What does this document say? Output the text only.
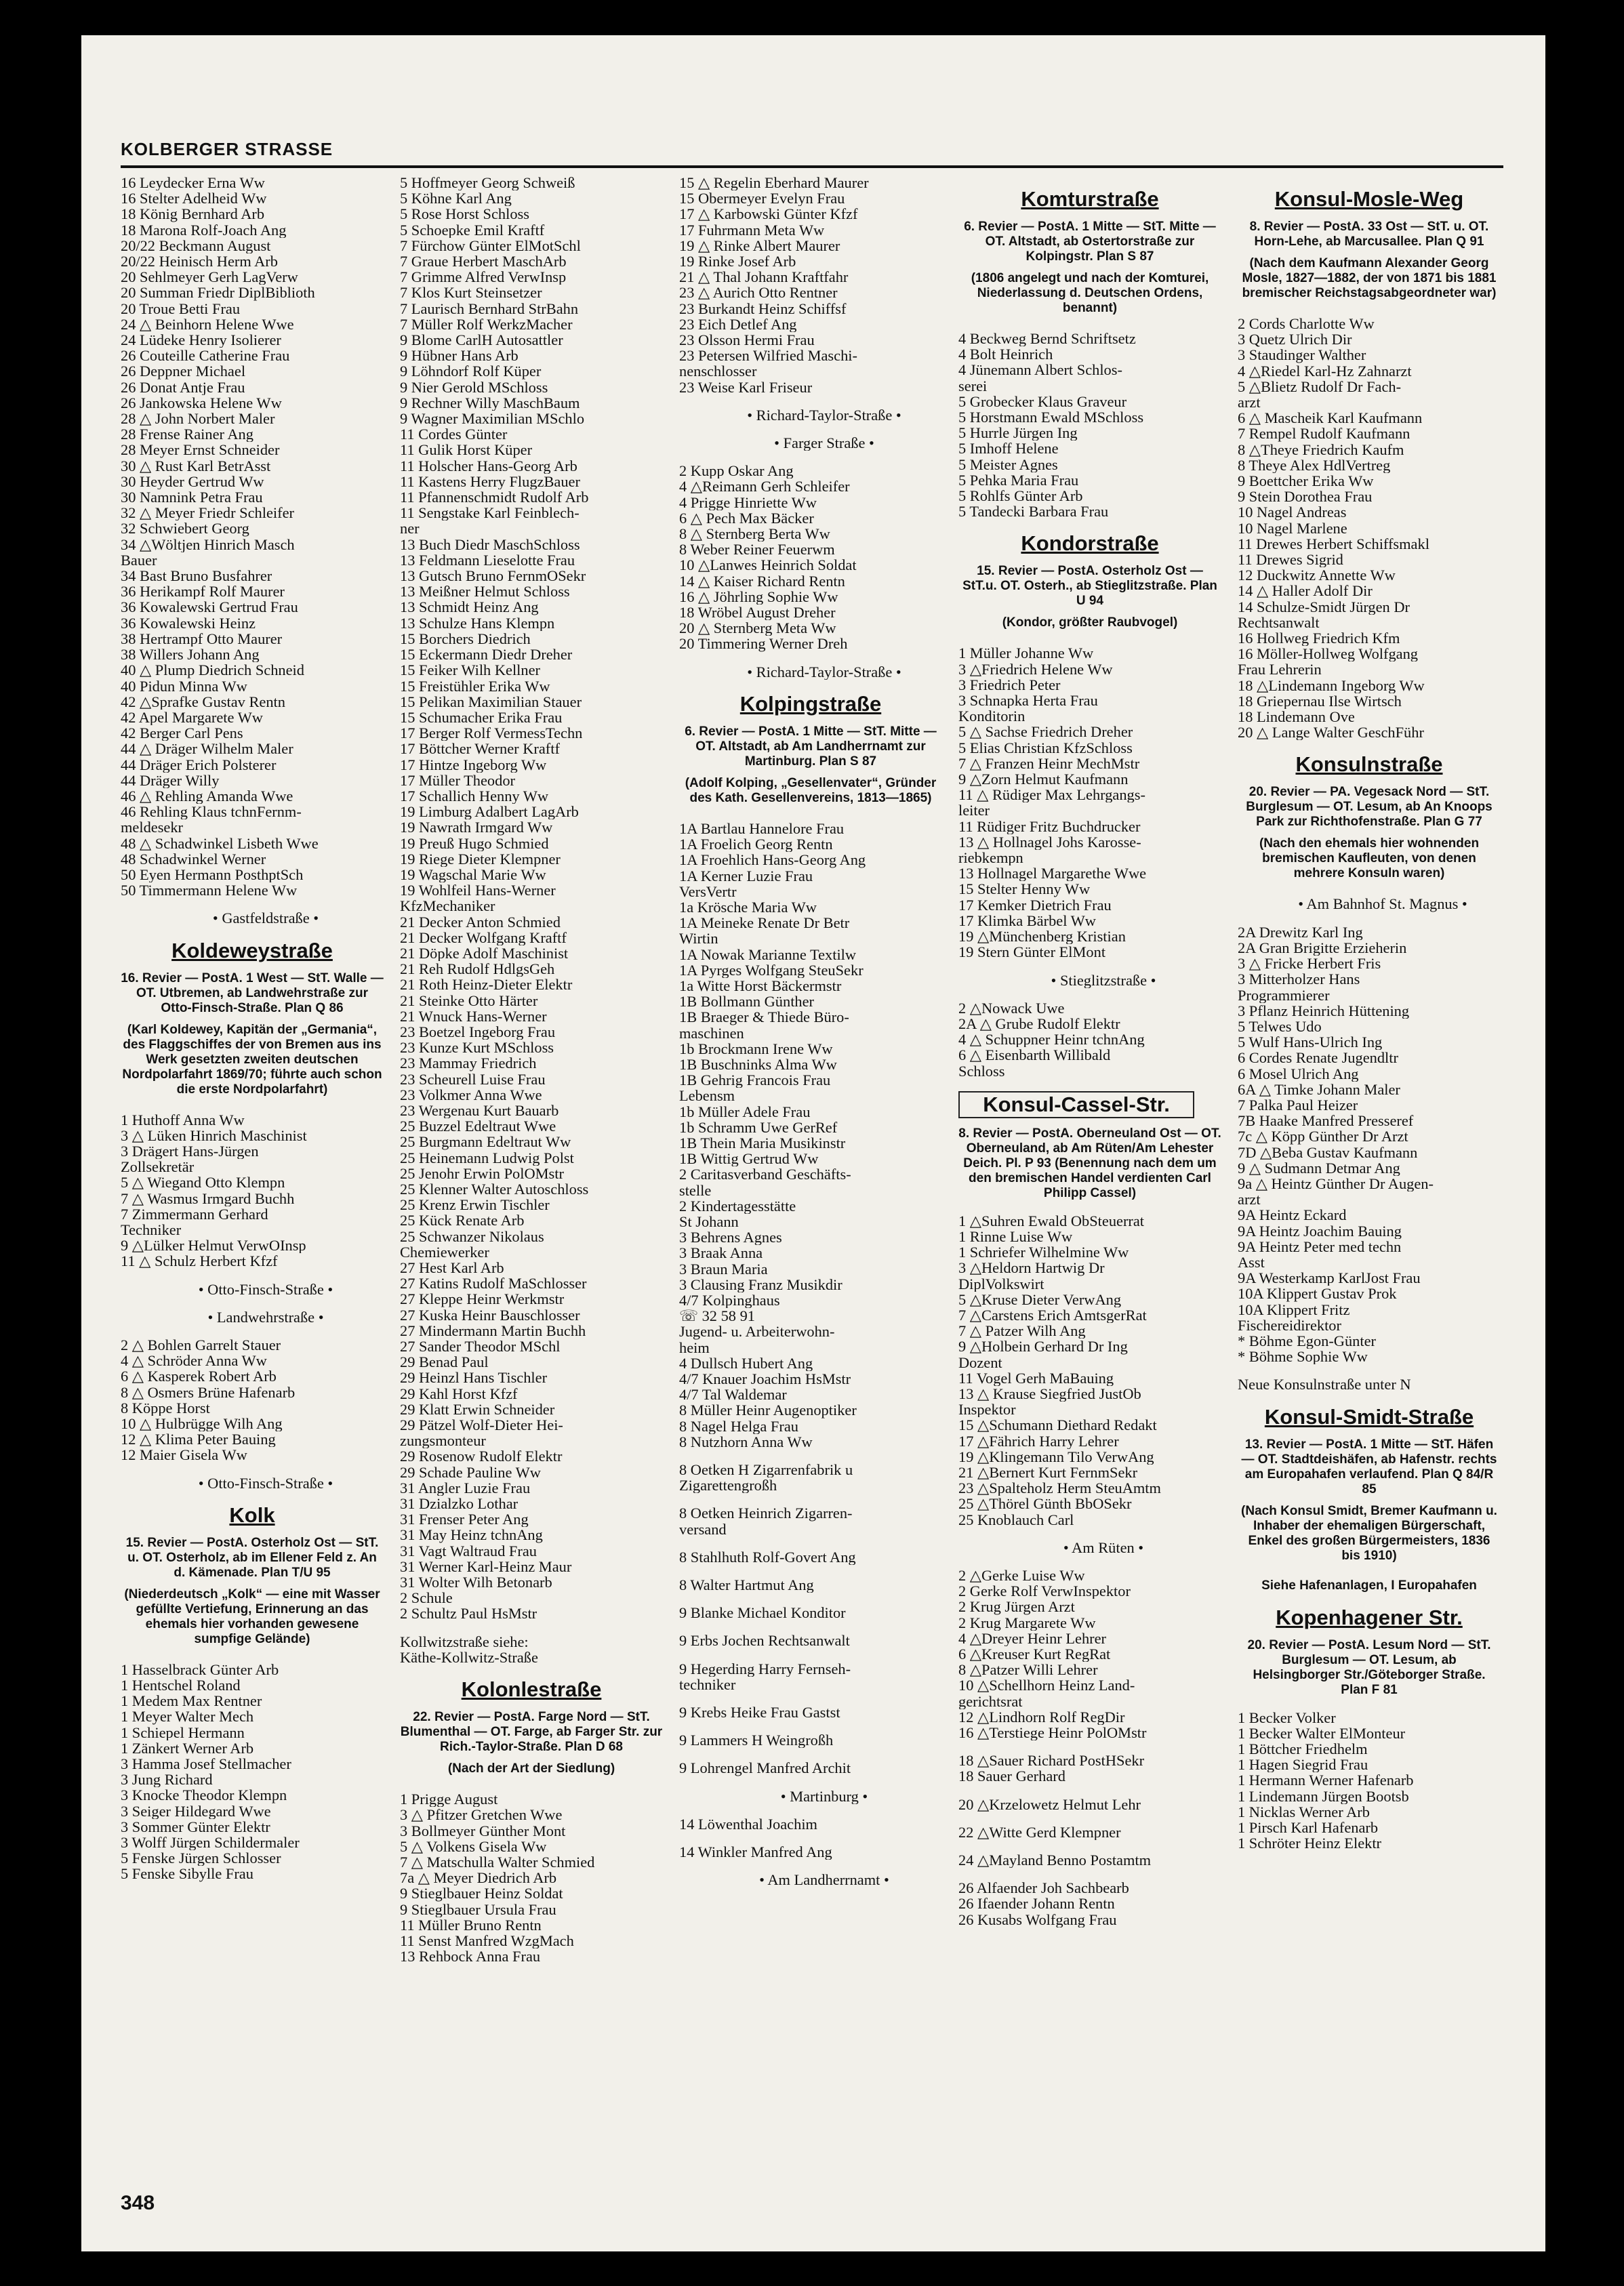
KOLBERGER STRASSE
16 Leydecker Erna Ww
16 Stelter Adelheid Ww
18 König Bernhard Arb
18 Marona Rolf-Joach Ang
20/22 Beckmann August
20/22 Heinisch Herm Arb
20 Sehlmeyer Gerh LagVerw
20 Summan Friedr DiplBiblioth
20 Troue Betti Frau
24 △ Beinhorn Helene Wwe
24 Lüdeke Henry Isolierer
26 Couteille Catherine Frau
26 Deppner Michael
26 Donat Antje Frau
26 Jankowska Helene Ww
28 △ John Norbert Maler
28 Frense Rainer Ang
28 Meyer Ernst Schneider
30 △ Rust Karl BetrAsst
30 Heyder Gertrud Ww
30 Namnink Petra Frau
32 △ Meyer Friedr Schleifer
32 Schwiebert Georg
34 △Wöltjen Hinrich Masch
Bauer
34 Bast Bruno Busfahrer
36 Herikampf Rolf Maurer
36 Kowalewski Gertrud Frau
36 Kowalewski Heinz
38 Hertrampf Otto Maurer
38 Willers Johann Ang
40 △ Plump Diedrich Schneid
40 Pidun Minna Ww
42 △Sprafke Gustav Rentn
42 Apel Margarete Ww
42 Berger Carl Pens
44 △ Dräger Wilhelm Maler
44 Dräger Erich Polsterer
44 Dräger Willy
46 △ Rehling Amanda Wwe
46 Rehling Klaus tchnFernm-
meldesekr
48 △ Schadwinkel Lisbeth Wwe
48 Schadwinkel Werner
50 Eyen Hermann PosthptSch
50 Timmermann Helene Ww
• Gastfeldstraße •
Koldeweystraße
16. Revier — PostA. 1 West — StT. Walle — OT. Utbremen, ab Landwehrstraße zur Otto-Finsch-Straße. Plan Q 86
(Karl Koldewey, Kapitän der „Germania“, des Flaggschiffes der von Bremen aus ins Werk gesetzten zweiten deutschen Nordpolarfahrt 1869/70; führte auch schon die erste Nordpolarfahrt)
1 Huthoff Anna Ww
3 △ Lüken Hinrich Maschinist
3 Drägert Hans-Jürgen
Zollsekretär
5 △ Wiegand Otto Klempn
7 △ Wasmus Irmgard Buchh
7 Zimmermann Gerhard
Techniker
9 △Lülker Helmut VerwOInsp
11 △ Schulz Herbert Kfzf
• Otto-Finsch-Straße •
• Landwehrstraße •
2 △ Bohlen Garrelt Stauer
4 △ Schröder Anna Ww
6 △ Kasperek Robert Arb
8 △ Osmers Brüne Hafenarb
8 Köppe Horst
10 △ Hulbrügge Wilh Ang
12 △ Klima Peter Bauing
12 Maier Gisela Ww
• Otto-Finsch-Straße •
Kolk
15. Revier — PostA. Osterholz Ost — StT. u. OT. Osterholz, ab im Ellener Feld z. An d. Kämenade. Plan T/U 95
(Niederdeutsch „Kolk“ — eine mit Wasser gefüllte Vertiefung, Erinnerung an das ehemals hier vorhanden gewesene sumpfige Gelände)
1 Hasselbrack Günter Arb
1 Hentschel Roland
1 Medem Max Rentner
1 Meyer Walter Mech
1 Schiepel Hermann
1 Zänkert Werner Arb
3 Hamma Josef Stellmacher
3 Jung Richard
3 Knocke Theodor Klempn
3 Seiger Hildegard Wwe
3 Sommer Günter Elektr
3 Wolff Jürgen Schildermaler
5 Fenske Jürgen Schlosser
5 Fenske Sibylle Frau
5 Hoffmeyer Georg Schweiß
5 Köhne Karl Ang
5 Rose Horst Schloss
5 Schoepke Emil Kraftf
7 Fürchow Günter ElMotSchl
7 Graue Herbert MaschArb
7 Grimme Alfred VerwInsp
7 Klos Kurt Steinsetzer
7 Laurisch Bernhard StrBahn
7 Müller Rolf WerkzMacher
9 Blome CarlH Autosattler
9 Hübner Hans Arb
9 Löhndorf Rolf Küper
9 Nier Gerold MSchloss
9 Rechner Willy MaschBaum
9 Wagner Maximilian MSchlo
11 Cordes Günter
11 Gulik Horst Küper
11 Holscher Hans-Georg Arb
11 Kastens Herry FlugzBauer
11 Pfannenschmidt Rudolf Arb
11 Sengstake Karl Feinblech-
ner
13 Buch Diedr MaschSchloss
13 Feldmann Lieselotte Frau
13 Gutsch Bruno FernmOSekr
13 Meißner Helmut Schloss
13 Schmidt Heinz Ang
13 Schulze Hans Klempn
15 Borchers Diedrich
15 Eckermann Diedr Dreher
15 Feiker Wilh Kellner
15 Freistühler Erika Ww
15 Pelikan Maximilian Stauer
15 Schumacher Erika Frau
17 Berger Rolf VermessTechn
17 Böttcher Werner Kraftf
17 Hintze Ingeborg Ww
17 Müller Theodor
17 Schallich Henny Ww
19 Limburg Adalbert LagArb
19 Nawrath Irmgard Ww
19 Preuß Hugo Schmied
19 Riege Dieter Klempner
19 Wagschal Marie Ww
19 Wohlfeil Hans-Werner
KfzMechaniker
21 Decker Anton Schmied
21 Decker Wolfgang Kraftf
21 Döpke Adolf Maschinist
21 Reh Rudolf HdlgsGeh
21 Roth Heinz-Dieter Elektr
21 Steinke Otto Härter
21 Wnuck Hans-Werner
23 Boetzel Ingeborg Frau
23 Kunze Kurt MSchloss
23 Mammay Friedrich
23 Scheurell Luise Frau
23 Volkmer Anna Wwe
23 Wergenau Kurt Bauarb
25 Buzzel Edeltraut Wwe
25 Burgmann Edeltraut Ww
25 Heinemann Ludwig Polst
25 Jenohr Erwin PolOMstr
25 Klenner Walter Autoschloss
25 Krenz Erwin Tischler
25 Kück Renate Arb
25 Schwanzer Nikolaus
Chemiewerker
27 Hest Karl Arb
27 Katins Rudolf MaSchlosser
27 Kleppe Heinr Werkmstr
27 Kuska Heinr Bauschlosser
27 Mindermann Martin Buchh
27 Sander Theodor MSchl
29 Benad Paul
29 Heinzl Hans Tischler
29 Kahl Horst Kfzf
29 Klatt Erwin Schneider
29 Pätzel Wolf-Dieter Hei-
zungsmonteur
29 Rosenow Rudolf Elektr
29 Schade Pauline Ww
31 Angler Luzie Frau
31 Dzialzko Lothar
31 Frenser Peter Ang
31 May Heinz tchnAng
31 Vagt Waltraud Frau
31 Werner Karl-Heinz Maur
31 Wolter Wilh Betonarb
2 Schule
2 Schultz Paul HsMstr
Kollwitzstraße siehe:
Käthe-Kollwitz-Straße
Kolonlestraße
22. Revier — PostA. Farge Nord — StT. Blumenthal — OT. Farge, ab Farger Str. zur Rich.-Taylor-Straße. Plan D 68
(Nach der Art der Siedlung)
1 Prigge August
3 △ Pfitzer Gretchen Wwe
3 Bollmeyer Günther Mont
5 △ Volkens Gisela Ww
7 △ Matschulla Walter Schmied
7a △ Meyer Diedrich Arb
9 Stieglbauer Heinz Soldat
9 Stieglbauer Ursula Frau
11 Müller Bruno Rentn
11 Senst Manfred WzgMach
13 Rehbock Anna Frau
15 △ Regelin Eberhard Maurer
15 Obermeyer Evelyn Frau
17 △ Karbowski Günter Kfzf
17 Fuhrmann Meta Ww
19 △ Rinke Albert Maurer
19 Rinke Josef Arb
21 △ Thal Johann Kraftfahr
23 △ Aurich Otto Rentner
23 Burkandt Heinz Schiffsf
23 Eich Detlef Ang
23 Olsson Hermi Frau
23 Petersen Wilfried Maschi-
nenschlosser
23 Weise Karl Friseur
• Richard-Taylor-Straße •
• Farger Straße •
2 Kupp Oskar Ang
4 △Reimann Gerh Schleifer
4 Prigge Hinriette Ww
6 △ Pech Max Bäcker
8 △ Sternberg Berta Ww
8 Weber Reiner Feuerwm
10 △Lanwes Heinrich Soldat
14 △ Kaiser Richard Rentn
16 △ Jöhrling Sophie Ww
18 Wröbel August Dreher
20 △ Sternberg Meta Ww
20 Timmering Werner Dreh
• Richard-Taylor-Straße •
Kolpingstraße
6. Revier — PostA. 1 Mitte — StT. Mitte — OT. Altstadt, ab Am Landherrnamt zur Martinburg. Plan S 87
(Adolf Kolping, „Gesellenvater“, Gründer des Kath. Gesellenvereins, 1813—1865)
1A Bartlau Hannelore Frau
1A Froelich Georg Rentn
1A Froehlich Hans-Georg Ang
1A Kerner Luzie Frau
VersVertr
1a Krösche Maria Ww
1A Meineke Renate Dr Betr
Wirtin
1A Nowak Marianne Textilw
1A Pyrges Wolfgang SteuSekr
1a Witte Horst Bäckermstr
1B Bollmann Günther
1B Braeger & Thiede Büro-
maschinen
1b Brockmann Irene Ww
1B Buschninks Alma Ww
1B Gehrig Francois Frau
Lebensm
1b Müller Adele Frau
1b Schramm Uwe GerRef
1B Thein Maria Musikinstr
1B Wittig Gertrud Ww
2 Caritasverband Geschäfts-
stelle
2 Kindertagesstätte
St Johann
3 Behrens Agnes
3 Braak Anna
3 Braun Maria
3 Clausing Franz Musikdir
4/7 Kolpinghaus
☏ 32 58 91
Jugend- u. Arbeiterwohn-
heim
4 Dullsch Hubert Ang
4/7 Knauer Joachim HsMstr
4/7 Tal Waldemar
8 Müller Heinr Augenoptiker
8 Nagel Helga Frau
8 Nutzhorn Anna Ww
8 Oetken H Zigarrenfabrik u
Zigarettengroßh
8 Oetken Heinrich Zigarren-
versand
8 Stahlhuth Rolf-Govert Ang
8 Walter Hartmut Ang
9 Blanke Michael Konditor
9 Erbs Jochen Rechtsanwalt
9 Hegerding Harry Fernseh-
techniker
9 Krebs Heike Frau Gastst
9 Lammers H Weingroßh
9 Lohrengel Manfred Archit
• Martinburg •
14 Löwenthal Joachim
14 Winkler Manfred Ang
• Am Landherrnamt •
Komturstraße
6. Revier — PostA. 1 Mitte — StT. Mitte — OT. Altstadt, ab Ostertorstraße zur Kolpingstr. Plan S 87
(1806 angelegt und nach der Komturei, Niederlassung d. Deutschen Ordens, benannt)
4 Beckweg Bernd Schriftsetz
4 Bolt Heinrich
4 Jünemann Albert Schlos-
serei
5 Grobecker Klaus Graveur
5 Horstmann Ewald MSchloss
5 Hurrle Jürgen Ing
5 Imhoff Helene
5 Meister Agnes
5 Pehka Maria Frau
5 Rohlfs Günter Arb
5 Tandecki Barbara Frau
Kondorstraße
15. Revier — PostA. Osterholz Ost — StT.u. OT. Osterh., ab Stieglitzstraße. Plan U 94
(Kondor, größter Raubvogel)
1 Müller Johanne Ww
3 △Friedrich Helene Ww
3 Friedrich Peter
3 Schnapka Herta Frau
Konditorin
5 △ Sachse Friedrich Dreher
5 Elias Christian KfzSchloss
7 △ Franzen Heinr MechMstr
9 △Zorn Helmut Kaufmann
11 △ Rüdiger Max Lehrgangs-
leiter
11 Rüdiger Fritz Buchdrucker
13 △ Hollnagel Johs Karosse-
riebkempn
13 Hollnagel Margarethe Wwe
15 Stelter Henny Ww
17 Kemker Dietrich Frau
17 Klimka Bärbel Ww
19 △Münchenberg Kristian
19 Stern Günter ElMont
• Stieglitzstraße •
2 △Nowack Uwe
2A △ Grube Rudolf Elektr
4 △ Schuppner Heinr tchnAng
6 △ Eisenbarth Willibald
Schloss
Konsul-Cassel-Str.
8. Revier — PostA. Oberneuland Ost — OT. Oberneuland, ab Am Rüten/Am Lehester Deich. Pl. P 93 (Benennung nach dem um den bremischen Handel verdienten Carl Philipp Cassel)
1 △Suhren Ewald ObSteuerrat
1 Rinne Luise Ww
1 Schriefer Wilhelmine Ww
3 △Heldorn Hartwig Dr
DiplVolkswirt
5 △Kruse Dieter VerwAng
7 △Carstens Erich AmtsgerRat
7 △ Patzer Wilh Ang
9 △Holbein Gerhard Dr Ing
Dozent
11 Vogel Gerh MaBauing
13 △ Krause Siegfried JustOb
Inspektor
15 △Schumann Diethard Redakt
17 △Fährich Harry Lehrer
19 △Klingemann Tilo VerwAng
21 △Bernert Kurt FernmSekr
23 △Spalteholz Herm SteuAmtm
25 △Thörel Günth BbOSekr
25 Knoblauch Carl
• Am Rüten •
2 △Gerke Luise Ww
2 Gerke Rolf VerwInspektor
2 Krug Jürgen Arzt
2 Krug Margarete Ww
4 △Dreyer Heinr Lehrer
6 △Kreuser Kurt RegRat
8 △Patzer Willi Lehrer
10 △Schellhorn Heinz Land-
gerichtsrat
12 △Lindhorn Rolf RegDir
16 △Terstiege Heinr PolOMstr
18 △Sauer Richard PostHSekr
18 Sauer Gerhard
20 △Krzelowetz Helmut Lehr
22 △Witte Gerd Klempner
24 △Mayland Benno Postamtm
26 Alfaender Joh Sachbearb
26 Ifaender Johann Rentn
26 Kusabs Wolfgang Frau
Konsul-Mosle-Weg
8. Revier — PostA. 33 Ost — StT. u. OT. Horn-Lehe, ab Marcusallee. Plan Q 91
(Nach dem Kaufmann Alexander Georg Mosle, 1827—1882, der von 1871 bis 1881 bremischer Reichstagsabgeordneter war)
2 Cords Charlotte Ww
3 Quetz Ulrich Dir
3 Staudinger Walther
4 △Riedel Karl-Hz Zahnarzt
5 △Blietz Rudolf Dr Fach-
arzt
6 △ Mascheik Karl Kaufmann
7 Rempel Rudolf Kaufmann
8 △Theye Friedrich Kaufm
8 Theye Alex HdlVertreg
9 Boettcher Erika Ww
9 Stein Dorothea Frau
10 Nagel Andreas
10 Nagel Marlene
11 Drewes Herbert Schiffsmakl
11 Drewes Sigrid
12 Duckwitz Annette Ww
14 △ Haller Adolf Dir
14 Schulze-Smidt Jürgen Dr
Rechtsanwalt
16 Hollweg Friedrich Kfm
16 Möller-Hollweg Wolfgang
Frau Lehrerin
18 △Lindemann Ingeborg Ww
18 Griepernau Ilse Wirtsch
18 Lindemann Ove
20 △ Lange Walter GeschFühr
Konsulnstraße
20. Revier — PA. Vegesack Nord — StT. Burglesum — OT. Lesum, ab An Knoops Park zur Richthofenstraße. Plan G 77
(Nach den ehemals hier wohnenden bremischen Kaufleuten, von denen mehrere Konsuln waren)
• Am Bahnhof St. Magnus •
2A Drewitz Karl Ing
2A Gran Brigitte Erzieherin
3 △ Fricke Herbert Fris
3 Mitterholzer Hans
Programmierer
3 Pflanz Heinrich Hüttening
5 Telwes Udo
5 Wulf Hans-Ulrich Ing
6 Cordes Renate Jugendltr
6 Mosel Ulrich Ang
6A △ Timke Johann Maler
7 Palka Paul Heizer
7B Haake Manfred Presseref
7c △ Köpp Günther Dr Arzt
7D △Beba Gustav Kaufmann
9 △ Sudmann Detmar Ang
9a △ Heintz Günther Dr Augen-
arzt
9A Heintz Eckard
9A Heintz Joachim Bauing
9A Heintz Peter med techn
Asst
9A Westerkamp KarlJost Frau
10A Klippert Gustav Prok
10A Klippert Fritz
Fischereidirektor
* Böhme Egon-Günter
* Böhme Sophie Ww
Neue Konsulnstraße unter N
Konsul-Smidt-Straße
13. Revier — PostA. 1 Mitte — StT. Häfen — OT. Stadtdeishäfen, ab Hafenstr. rechts am Europahafen verlaufend. Plan Q 84/R 85
(Nach Konsul Smidt, Bremer Kaufmann u. Inhaber der ehemaligen Bürgerschaft, Enkel des großen Bürgermeisters, 1836 bis 1910)
Siehe Hafenanlagen, I Europahafen
Kopenhagener Str.
20. Revier — PostA. Lesum Nord — StT. Burglesum — OT. Lesum, ab Helsingborger Str./Göteborger Straße. Plan F 81
1 Becker Volker
1 Becker Walter ElMonteur
1 Böttcher Friedhelm
1 Hagen Siegrid Frau
1 Hermann Werner Hafenarb
1 Lindemann Jürgen Bootsb
1 Nicklas Werner Arb
1 Pirsch Karl Hafenarb
1 Schröter Heinz Elektr
348
